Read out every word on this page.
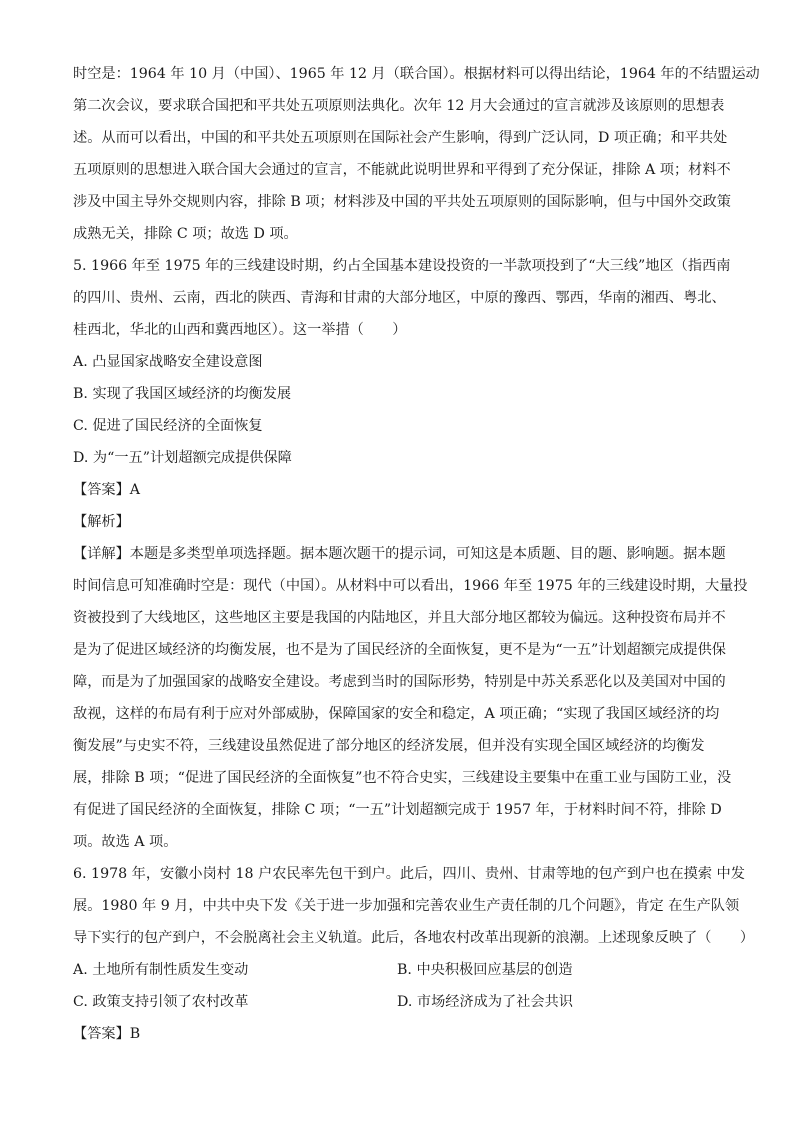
时空是：1964 年 10 月（中国）、1965 年 12 月（联合国）。根据材料可以得出结论，1964 年的不结盟运动
第二次会议，要求联合国把和平共处五项原则法典化。次年 12 月大会通过的宣言就涉及该原则的思想表
述。从而可以看出，中国的和平共处五项原则在国际社会产生影响，得到广泛认同，D 项正确；和平共处
五项原则的思想进入联合国大会通过的宣言，不能就此说明世界和平得到了充分保证，排除 A 项；材料不
涉及中国主导外交规则内容，排除 B 项；材料涉及中国的平共处五项原则的国际影响，但与中国外交政策
成熟无关，排除 C 项；故选 D 项。
5. 1966 年至 1975 年的三线建设时期，约占全国基本建设投资的一半款项投到了“大三线”地区（指西南
的四川、贵州、云南，西北的陕西、青海和甘肃的大部分地区，中原的豫西、鄂西，华南的湘西、粤北、
桂西北，华北的山西和冀西地区）。这一举措（　　）
A. 凸显国家战略安全建设意图
B. 实现了我国区域经济的均衡发展
C. 促进了国民经济的全面恢复
D. 为“一五”计划超额完成提供保障
【答案】A
【解析】
【详解】本题是多类型单项选择题。据本题次题干的提示词，可知这是本质题、目的题、影响题。据本题
时间信息可知准确时空是：现代（中国）。从材料中可以看出，1966 年至 1975 年的三线建设时期，大量投
资被投到了大线地区，这些地区主要是我国的内陆地区，并且大部分地区都较为偏远。这种投资布局并不
是为了促进区域经济的均衡发展，也不是为了国民经济的全面恢复，更不是为“一五”计划超额完成提供保
障，而是为了加强国家的战略安全建设。考虑到当时的国际形势，特别是中苏关系恶化以及美国对中国的
敌视，这样的布局有利于应对外部威胁，保障国家的安全和稳定，A 项正确；“实现了我国区域经济的均
衡发展”与史实不符，三线建设虽然促进了部分地区的经济发展，但并没有实现全国区域经济的均衡发
展，排除 B 项；“促进了国民经济的全面恢复”也不符合史实，三线建设主要集中在重工业与国防工业，没
有促进了国民经济的全面恢复，排除 C 项；“一五”计划超额完成于 1957 年，于材料时间不符，排除 D
项。故选 A 项。
6. 1978 年，安徽小岗村 18 户农民率先包干到户。此后，四川、贵州、甘肃等地的包产到户也在摸索 中发
展。1980 年 9 月，中共中央下发《关于进一步加强和完善农业生产责任制的几个问题》，肯定 在生产队领
导下实行的包产到户，不会脱离社会主义轨道。此后，各地农村改革出现新的浪潮。上述现象反映了（　　）
A. 土地所有制性质发生变动	B. 中央积极回应基层的创造
C. 政策支持引领了农村改革	D. 市场经济成为了社会共识
【答案】B
